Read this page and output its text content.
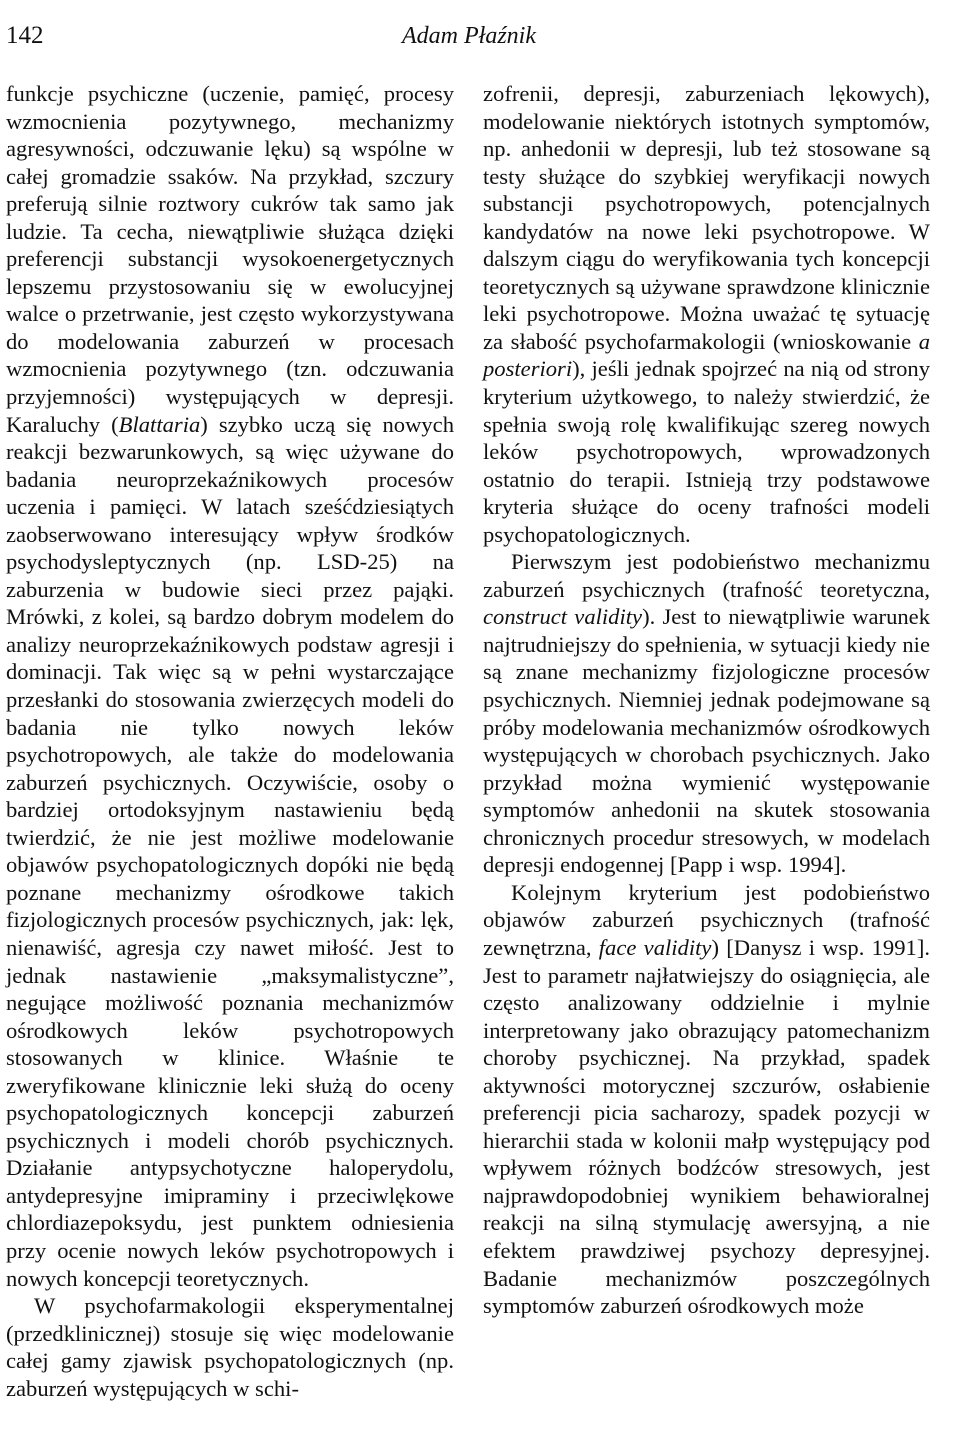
142	Adam Płaźnik

funkcje psychiczne (uczenie, pamięć, procesy wzmocnienia pozytywnego, mechanizmy agresywności, odczuwanie lęku) są wspólne w całej gromadzie ssaków. Na przykład, szczury preferują silnie roztwory cukrów tak samo jak ludzie. Ta cecha, niewątpliwie służąca dzięki preferencji substancji wysokoenergetycznych lepszemu przystosowaniu się w ewolucyjnej walce o przetrwanie, jest często wykorzystywana do modelowania zaburzeń w procesach wzmocnienia pozytywnego (tzn. odczuwania przyjemności) występujących w depresji. Karaluchy (Blattaria) szybko uczą się nowych reakcji bezwarunkowych, są więc używane do badania neuroprzekaźnikowych procesów uczenia i pamięci. W latach sześćdziesiątych zaobserwowano interesujący wpływ środków psychodysleptycznych (np. LSD-25) na zaburzenia w budowie sieci przez pająki. Mrówki, z kolei, są bardzo dobrym modelem do analizy neuroprzekaźnikowych podstaw agresji i dominacji. Tak więc są w pełni wystarczające przesłanki do stosowania zwierzęcych modeli do badania nie tylko nowych leków psychotropowych, ale także do modelowania zaburzeń psychicznych. Oczywiście, osoby o bardziej ortodoksyjnym nastawieniu będą twierdzić, że nie jest możliwe modelowanie objawów psychopatologicznych dopóki nie będą poznane mechanizmy ośrodkowe takich fizjologicznych procesów psychicznych, jak: lęk, nienawiść, agresja czy nawet miłość. Jest to jednak nastawienie „maksymalistyczne”, negujące możliwość poznania mechanizmów ośrodkowych leków psychotropowych stosowanych w klinice. Właśnie te zweryfikowane klinicznie leki służą do oceny psychopatologicznych koncepcji zaburzeń psychicznych i modeli chorób psychicznych. Działanie antypsychotyczne haloperydolu, antydepresyjne imipraminy i przeciwlękowe chlordiazepoksydu, jest punktem odniesienia przy ocenie nowych leków psychotropowych i nowych koncepcji teoretycznych.

W psychofarmakologii eksperymentalnej (przedklinicznej) stosuje się więc modelowanie całej gamy zjawisk psychopatologicznych (np. zaburzeń występujących w schi-

zofrenii, depresji, zaburzeniach lękowych), modelowanie niektórych istotnych symptomów, np. anhedonii w depresji, lub też stosowane są testy służące do szybkiej weryfikacji nowych substancji psychotropowych, potencjalnych kandydatów na nowe leki psychotropowe. W dalszym ciągu do weryfikowania tych koncepcji teoretycznych są używane sprawdzone klinicznie leki psychotropowe. Można uważać tę sytuację za słabość psychofarmakologii (wnioskowanie a posteriori), jeśli jednak spojrzeć na nią od strony kryterium użytkowego, to należy stwierdzić, że spełnia swoją rolę kwalifikując szereg nowych leków psychotropowych, wprowadzonych ostatnio do terapii. Istnieją trzy podstawowe kryteria służące do oceny trafności modeli psychopatologicznych.

Pierwszym jest podobieństwo mechanizmu zaburzeń psychicznych (trafność teoretyczna, construct validity). Jest to niewątpliwie warunek najtrudniejszy do spełnienia, w sytuacji kiedy nie są znane mechanizmy fizjologiczne procesów psychicznych. Niemniej jednak podejmowane są próby modelowania mechanizmów ośrodkowych występujących w chorobach psychicznych. Jako przykład można wymienić występowanie symptomów anhedonii na skutek stosowania chronicznych procedur stresowych, w modelach depresji endogennej [Papp i wsp. 1994].

Kolejnym kryterium jest podobieństwo objawów zaburzeń psychicznych (trafność zewnętrzna, face validity) [Danysz i wsp. 1991]. Jest to parametr najłatwiejszy do osiągnięcia, ale często analizowany oddzielnie i mylnie interpretowany jako obrazujący patomechanizm choroby psychicznej. Na przykład, spadek aktywności motorycznej szczurów, osłabienie preferencji picia sacharozy, spadek pozycji w hierarchii stada w kolonii małp występujący pod wpływem różnych bodźców stresowych, jest najprawdopodobniej wynikiem behawioralnej reakcji na silną stymulację awersyjną, a nie efektem prawdziwej psychozy depresyjnej. Badanie mechanizmów poszczególnych symptomów zaburzeń ośrodkowych może
